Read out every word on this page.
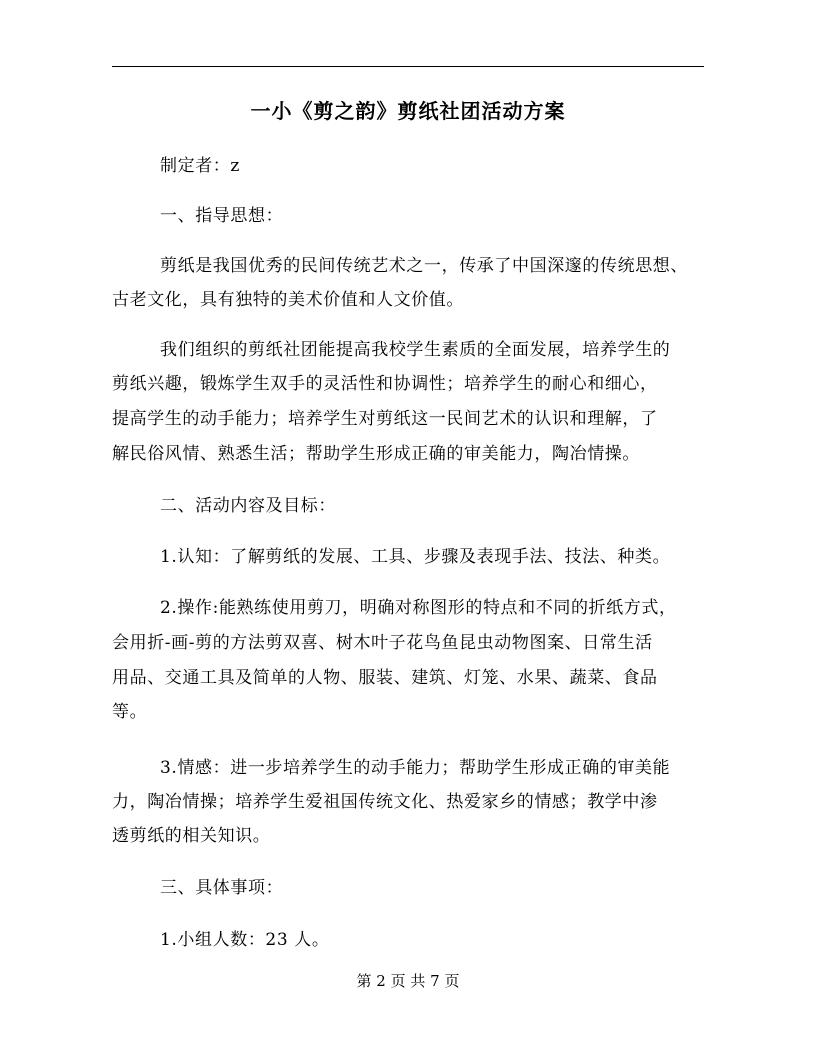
一小《剪之韵》剪纸社团活动方案
制定者：z
一、指导思想：
剪纸是我国优秀的民间传统艺术之一，传承了中国深邃的传统思想、
古老文化，具有独特的美术价值和人文价值。
我们组织的剪纸社团能提高我校学生素质的全面发展，培养学生的
剪纸兴趣，锻炼学生双手的灵活性和协调性；培养学生的耐心和细心，
提高学生的动手能力；培养学生对剪纸这一民间艺术的认识和理解，了
解民俗风情、熟悉生活；帮助学生形成正确的审美能力，陶冶情操。
二、活动内容及目标：
1.认知：了解剪纸的发展、工具、步骤及表现手法、技法、种类。
2.操作:能熟练使用剪刀，明确对称图形的特点和不同的折纸方式，
会用折-画-剪的方法剪双喜、树木叶子花鸟鱼昆虫动物图案、日常生活
用品、交通工具及简单的人物、服装、建筑、灯笼、水果、蔬菜、食品
等。
3.情感：进一步培养学生的动手能力；帮助学生形成正确的审美能
力，陶冶情操；培养学生爱祖国传统文化、热爱家乡的情感；教学中渗
透剪纸的相关知识。
三、具体事项：
1.小组人数：23 人。
第 2 页 共 7 页
